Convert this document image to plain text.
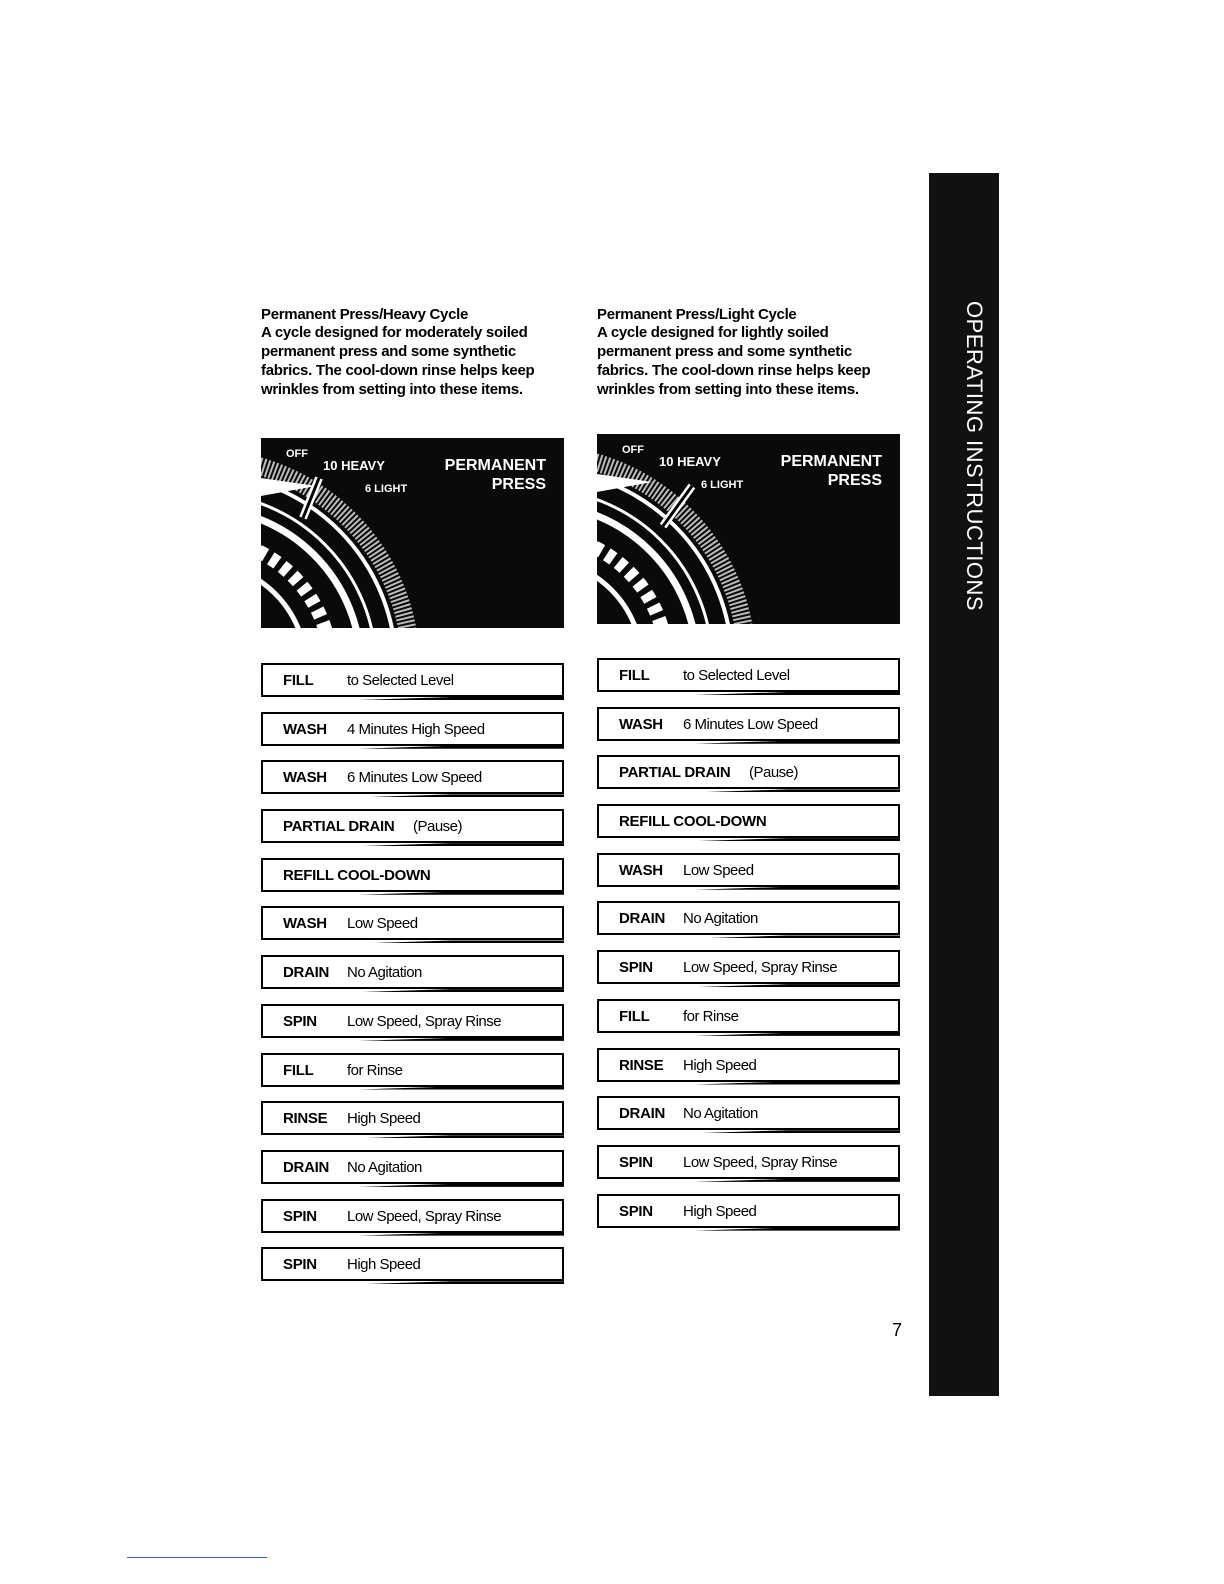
Permanent Press/Heavy Cycle

A cycle designed for moderately soiled permanent press and some synthetic fabrics. The cool-down rinse helps keep wrinkles from setting into these items.

OFF
10 HEAVY
6 LIGHT
PERMANENT
PRESS
FILL to Selected Level
WASH 4 Minutes High Speed
WASH 6 Minutes Low Speed
PARTIAL DRAIN (Pause)
REFILL COOL-DOWN
WASH Low Speed
DRAIN No Agitation
SPIN Low Speed, Spray Rinse
FILL for Rinse
RINSE High Speed
DRAIN No Agitation
SPIN Low Speed, Spray Rinse
SPIN High Speed
Permanent Press/Light Cycle

A cycle designed for lightly soiled permanent press and some synthetic fabrics. The cool-down rinse helps keep wrinkles from setting into these items.

OFF
10 HEAVY
6 LIGHT
PERMANENT
PRESS
FILL to Selected Level
WASH 6 Minutes Low Speed
PARTIAL DRAIN (Pause)
REFILL COOL-DOWN
WASH Low Speed
DRAIN No Agitation
SPIN Low Speed, Spray Rinse
FILL for Rinse
RINSE High Speed
DRAIN No Agitation
SPIN Low Speed, Spray Rinse
SPIN High Speed
OPERATING INSTRUCTIONS
7
